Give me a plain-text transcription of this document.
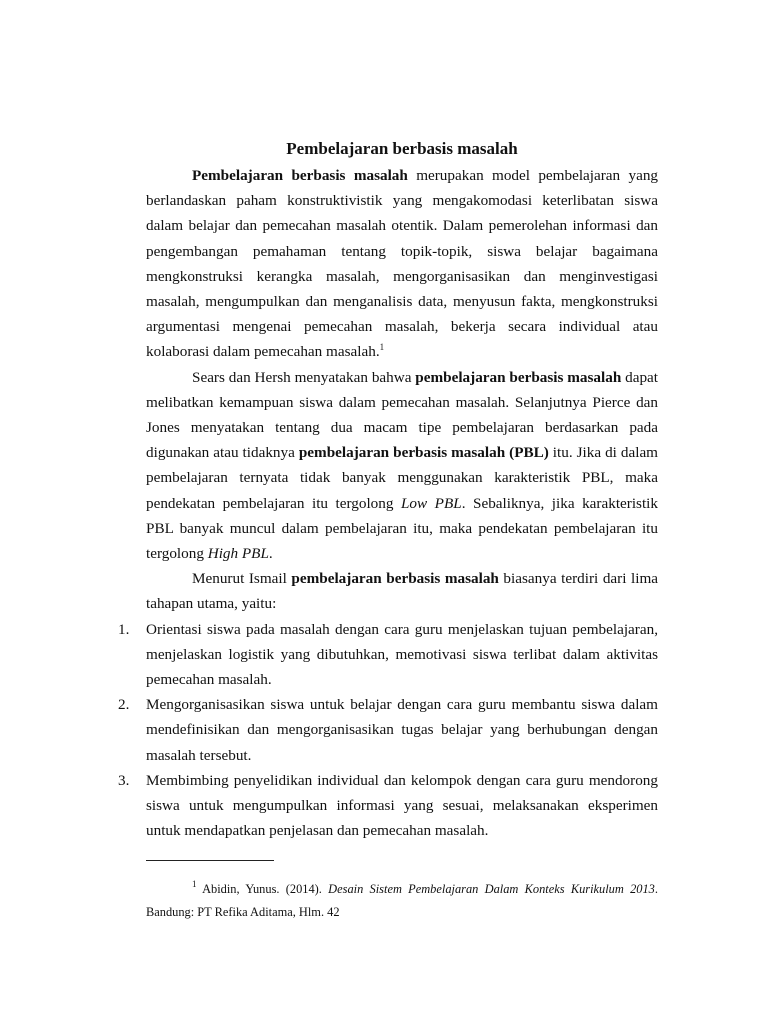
Pembelajaran berbasis masalah

Pembelajaran berbasis masalah merupakan model pembelajaran yang berlandaskan paham konstruktivistik yang mengakomodasi keterlibatan siswa dalam belajar dan pemecahan masalah otentik. Dalam pemerolehan informasi dan pengembangan pemahaman tentang topik-topik, siswa belajar bagaimana mengkonstruksi kerangka masalah, mengorganisasikan dan menginvestigasi masalah, mengumpulkan dan menganalisis data, menyusun fakta, mengkonstruksi argumentasi mengenai pemecahan masalah, bekerja secara individual atau kolaborasi dalam pemecahan masalah.$^1$

Sears dan Hersh menyatakan bahwa pembelajaran berbasis masalah dapat melibatkan kemampuan siswa dalam pemecahan masalah. Selanjutnya Pierce dan Jones menyatakan tentang dua macam tipe pembelajaran berdasarkan pada digunakan atau tidaknya pembelajaran berbasis masalah (PBL) itu. Jika di dalam pembelajaran ternyata tidak banyak menggunakan karakteristik PBL, maka pendekatan pembelajaran itu tergolong Low PBL. Sebaliknya, jika karakteristik PBL banyak muncul dalam pembelajaran itu, maka pendekatan pembelajaran itu tergolong High PBL.

Menurut Ismail pembelajaran berbasis masalah biasanya terdiri dari lima tahapan utama, yaitu:

1. Orientasi siswa pada masalah dengan cara guru menjelaskan tujuan pembelajaran, menjelaskan logistik yang dibutuhkan, memotivasi siswa terlibat dalam aktivitas pemecahan masalah.
2. Mengorganisasikan siswa untuk belajar dengan cara guru membantu siswa dalam mendefinisikan dan mengorganisasikan tugas belajar yang berhubungan dengan masalah tersebut.
3. Membimbing penyelidikan individual dan kelompok dengan cara guru mendorong siswa untuk mengumpulkan informasi yang sesuai, melaksanakan eksperimen untuk mendapatkan penjelasan dan pemecahan masalah.
$^1$ Abidin, Yunus. (2014). Desain Sistem Pembelajaran Dalam Konteks Kurikulum 2013. Bandung: PT Refika Aditama, Hlm. 42
